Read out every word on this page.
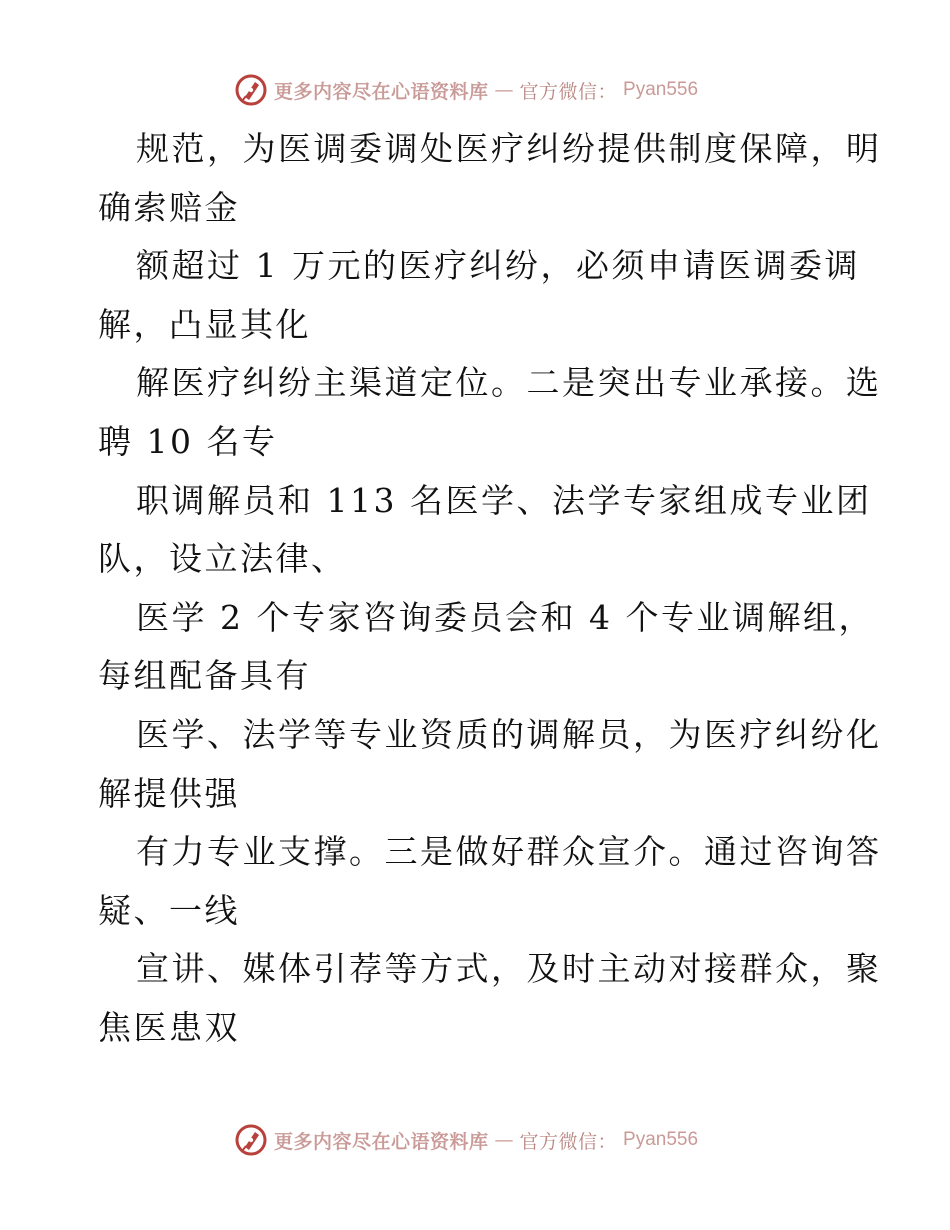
更多内容尽在心语资料库 — 官方微信： Pyan556
规范，为医调委调处医疗纠纷提供制度保障，明
确索赔金
额超过 1 万元的医疗纠纷，必须申请医调委调
解，凸显其化
解医疗纠纷主渠道定位。二是突出专业承接。选
聘 10 名专
职调解员和 113 名医学、法学专家组成专业团
队，设立法律、
医学 2 个专家咨询委员会和 4 个专业调解组，
每组配备具有
医学、法学等专业资质的调解员，为医疗纠纷化
解提供强
有力专业支撑。三是做好群众宣介。通过咨询答
疑、一线
宣讲、媒体引荐等方式，及时主动对接群众，聚
焦医患双
更多内容尽在心语资料库 — 官方微信： Pyan556
